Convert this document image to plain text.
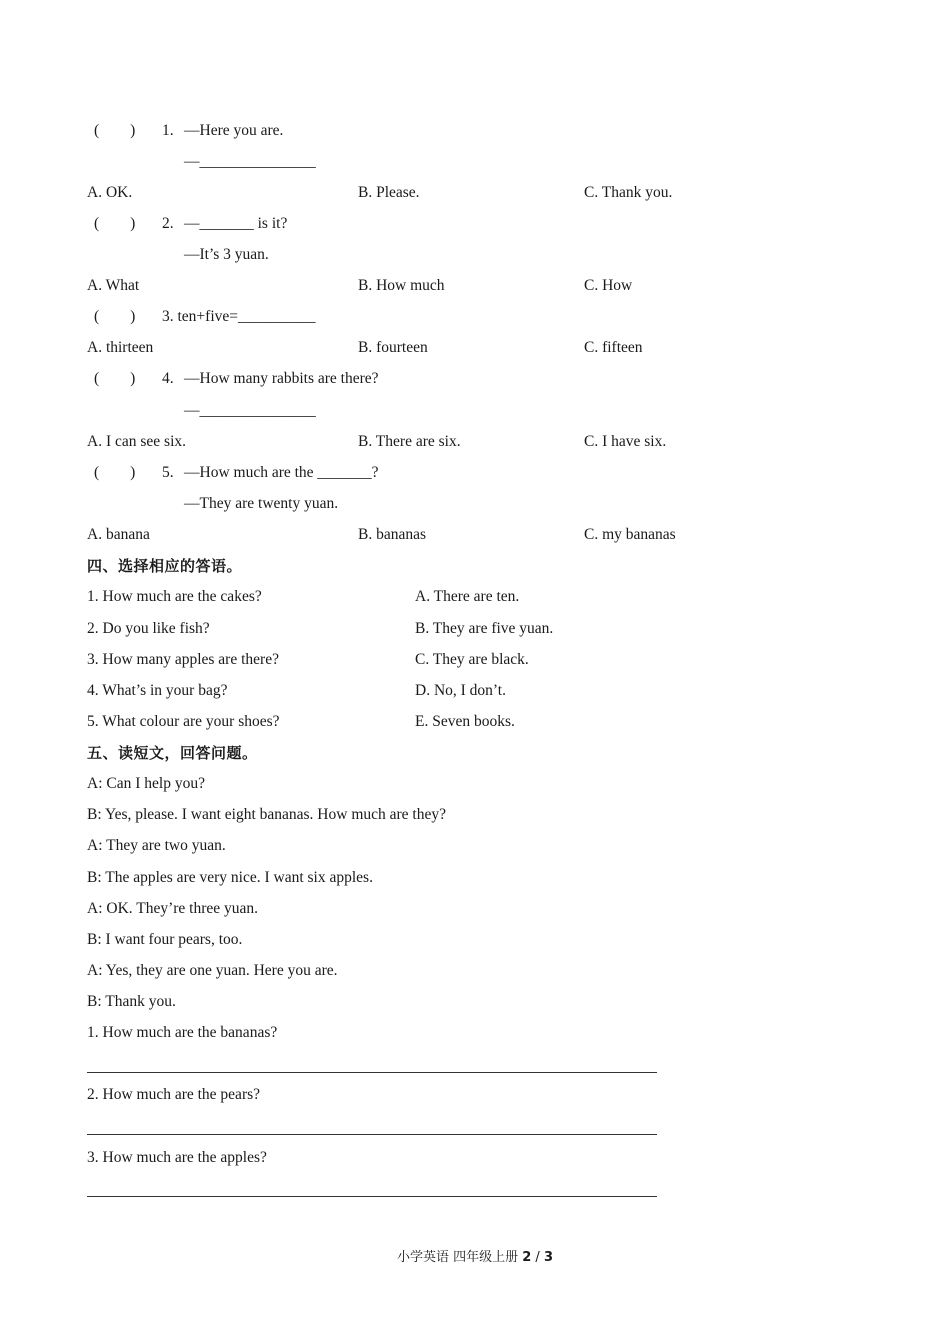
(　　) 1. —Here you are.
—_______________
A. OK.	B. Please.	C. Thank you.
(　　) 2. —_______ is it?
—It’s 3 yuan.
A. What	B. How much	C. How
(　　) 3. ten+five=__________
A. thirteen	B. fourteen	C. fifteen
(　　) 4. —How many rabbits are there?
—_______________
A. I can see six.	B. There are six.	C. I have six.
(　　) 5. —How much are the _______?
—They are twenty yuan.
A. banana	B. bananas	C. my bananas
四、选择相应的答语。
1. How much are the cakes?	A. There are ten.
2. Do you like fish?	B. They are five yuan.
3. How many apples are there?	C. They are black.
4. What’s in your bag?	D. No, I don’t.
5. What colour are your shoes?	E. Seven books.
五、读短文，回答问题。
A: Can I help you?
B: Yes, please. I want eight bananas. How much are they?
A: They are two yuan.
B: The apples are very nice. I want six apples.
A: OK. They’re three yuan.
B: I want four pears, too.
A: Yes, they are one yuan. Here you are.
B: Thank you.
1. How much are the bananas?
2. How much are the pears?
3. How much are the apples?
小学英语 四年级上册 2 / 3
